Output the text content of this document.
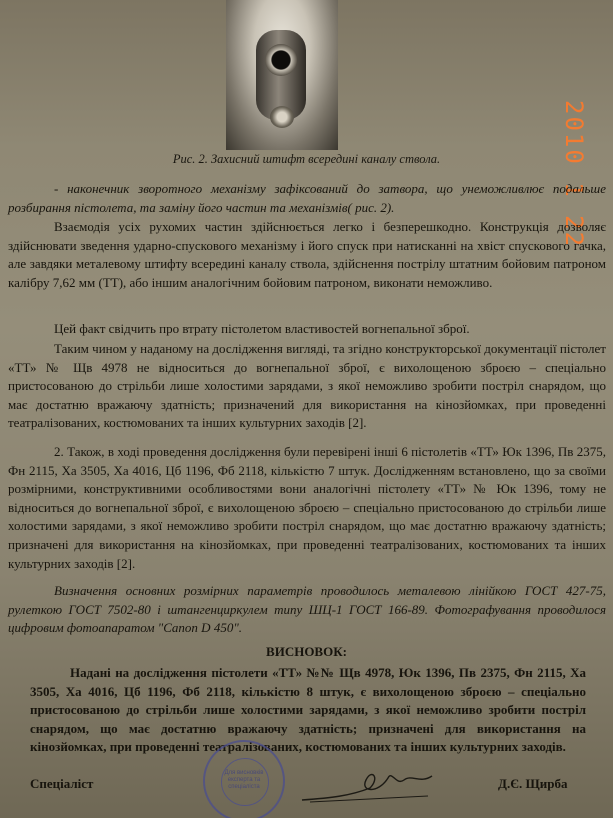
2010 1 22
Рис. 2. Захисний штифт всередині каналу ствола.

- наконечник зворотного механізму зафіксований до затвора, що унеможливлює подальше розбирання пістолета, та заміну його частин та механізмів( рис. 2).

Взаємодія усіх рухомих частин здійснюється легко і безперешкодно. Конструкція дозволяє здійснювати зведення ударно-спускового механізму і його спуск при натисканні на хвіст спускового гачка, але завдяки металевому штифту всередині каналу ствола, здійснення пострілу штатним бойовим патроном калібру 7,62 мм (ТТ), або іншим аналогічним бойовим патроном, виконати неможливо.

Цей факт свідчить про втрату пістолетом властивостей вогнепальної зброї.

Таким чином у наданому на дослідження вигляді, та згідно конструкторської документації пістолет «ТТ» № Щв 4978 не відноситься до вогнепальної зброї, є вихолощеною зброєю – спеціально пристосованою до стрільби лише холостими зарядами, з якої неможливо зробити постріл снарядом, що має достатню вражаючу здатність; призначений для використання на кінозйомках, при проведенні театралізованих, костюмованих та інших культурних заходів [2].

2. Також, в ході проведення дослідження були перевірені інші 6 пістолетів «ТТ» Юк 1396, Пв 2375, Фн 2115, Ха 3505, Ха 4016, Цб 1196, Фб 2118, кількістю 7 штук. Дослідженням встановлено, що за своїми розмірними, конструктивними особливостями вони аналогічні пістолету «ТТ» № Юк 1396, тому не відноситься до вогнепальної зброї, є вихолощеною зброєю – спеціально пристосованою до стрільби лише холостими зарядами, з якої неможливо зробити постріл снарядом, що має достатню вражаючу здатність; призначені для використання на кінозйомках, при проведенні театралізованих, костюмованих та інших культурних заходів [2].

Визначення основних розмірних параметрів проводилось металевою лінійкою ГОСТ 427-75, рулеткою ГОСТ 7502-80 і штангенциркулем типу ШЦ-1 ГОСТ 166-89. Фотографування проводилося цифровим фотоапаратом "Canon D 450".

ВИСНОВОК:

Надані на дослідження пістолети «ТТ» №№ Щв 4978, Юк 1396, Пв 2375, Фн 2115, Ха 3505, Ха 4016, Цб 1196, Фб 2118, кількістю 8 штук, є вихолощеною зброєю – спеціально пристосованою до стрільби лише холостими зарядами, з якої неможливо зробити постріл снарядом, що має достатню вражаючу здатність; призначені для використання на кінозйомках, при проведенні театралізованих, костюмованих та інших культурних заходів.

Для висновків експерта та спеціаліста
Спеціаліст	Д.Є. Щирба
